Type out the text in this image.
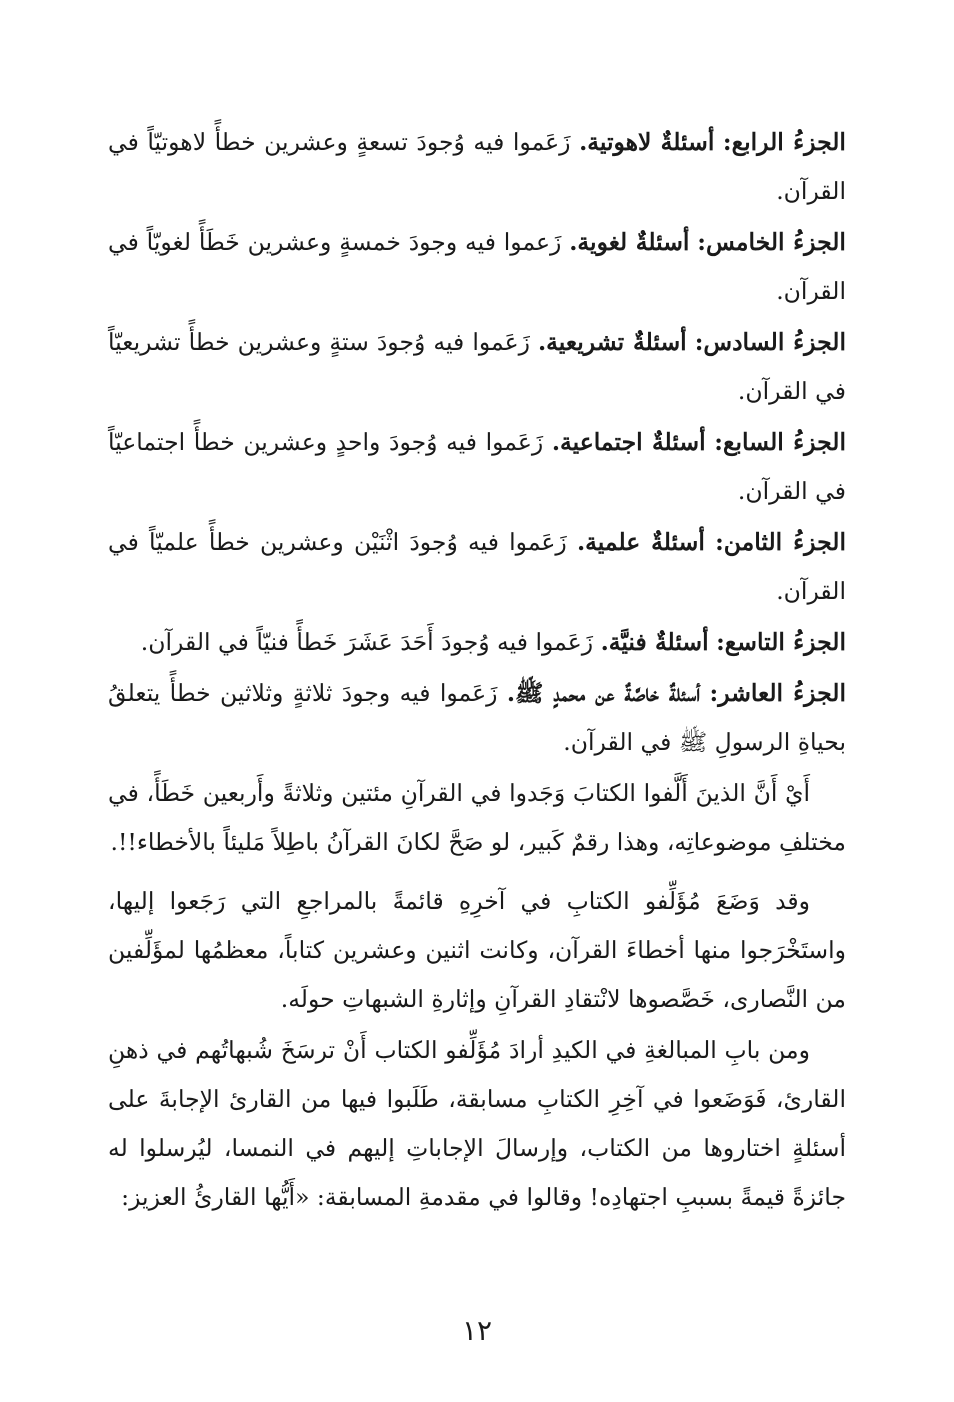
الجزءُ الرابع: أسئلةٌ لاهوتية. زَعَموا فيه وُجودَ تسعةٍ وعشرين خطأً لاهوتيّاً في القرآن.

الجزءُ الخامس: أسئلةٌ لغوية. زَعموا فيه وجودَ خمسةٍ وعشرين خَطَأً لغويّاً في القرآن.

الجزءُ السادس: أسئلةٌ تشريعية. زَعَموا فيه وُجودَ ستةٍ وعشرين خطأً تشريعيّاً في القرآن.

الجزءُ السابع: أسئلةٌ اجتماعية. زَعَموا فيه وُجودَ واحدٍ وعشرين خطأً اجتماعيّاً في القرآن.

الجزءُ الثامن: أسئلةٌ علمية. زَعَموا فيه وُجودَ اثْنَيْن وعشرين خطأً علميّاً في القرآن.

الجزءُ التاسع: أسئلةٌ فنيَّة. زَعَموا فيه وُجودَ أَحَدَ عَشَرَ خَطأً فنيّاً في القرآن.

الجزءُ العاشر: أسئلةٌ خاصَّةٌ عن محمدٍ ﷺ. زَعَموا فيه وجودَ ثلاثةٍ وثلاثين خطأً يتعلقُ بحياةِ الرسولِ ﷺ في القرآن.

أَيْ أَنَّ الذينَ أَلَّفوا الكتابَ وَجَدوا في القرآنِ مئتين وثلاثةً وأَربعين خَطَأً، في مختلفِ موضوعاتِه، وهذا رقمٌ كَبير، لو صَحَّ لكانَ القرآنُ باطِلاً مَليئاً بالأخطاء!!.

وقد وَضَعَ مُؤَلِّفو الكتابِ في آخرِهِ قائمةً بالمراجعِ التي رَجَعوا إليها، واستَخْرَجوا منها أخطاءَ القرآن، وكانت اثنين وعشرين كتاباً، معظمُها لمؤَلِّفين من النَّصارى، خَصَّصوها لانْتقادِ القرآنِ وإثارةِ الشبهاتِ حولَه.

ومن بابِ المبالغةِ في الكيدِ أرادَ مُؤَلِّفو الكتاب أَنْ ترسَخَ شُبهاتُهم في ذهنِ القارئ، فَوَضَعوا في آخِرِ الكتابِ مسابقة، طَلَبوا فيها من القارئ الإجابةَ على أسئلةٍ اختاروها من الكتاب، وإرسالَ الإجاباتِ إليهم في النمسا، ليُرسلوا له جائزةً قيمةً بسببِ اجتهادِه! وقالوا في مقدمةِ المسابقة: «أَيُّها القارئُ العزيز:

١٢
